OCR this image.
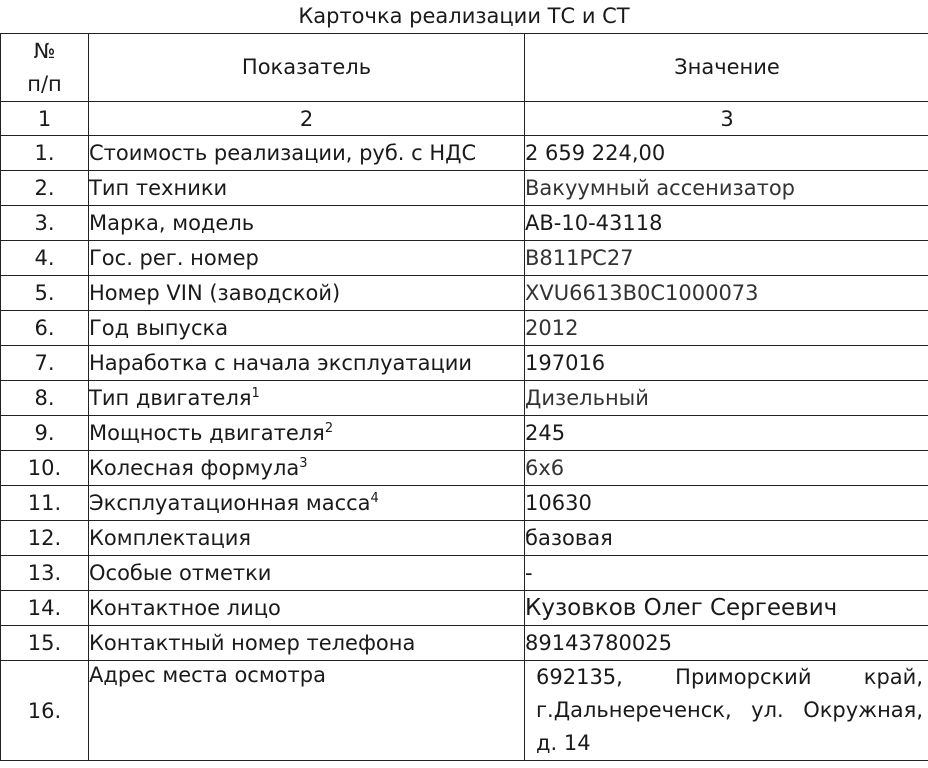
Карточка реализации ТС и СТ
№
п/п	Показатель	Значение
1	2	3
1.	Стоимость реализации, руб. с НДС	2 659 224,00
2.	Тип техники	Вакуумный ассенизатор
3.	Марка, модель	АВ-10-43118
4.	Гос. рег. номер	В811РС27
5.	Номер VIN (заводской)	XVU6613B0C1000073
6.	Год выпуска	2012
7.	Наработка с начала эксплуатации	197016
8.	Тип двигателя$^1$	Дизельный
9.	Мощность двигателя$^2$	245
10.	Колесная формула$^3$	6x6
11.	Эксплуатационная масса$^4$	10630
12.	Комплектация	базовая
13.	Особые отметки	-
14.	Контактное лицо	Кузовков Олег Сергеевич
15.	Контактный номер телефона	89143780025
16.	Адрес места осмотра	692135, Приморский край, г.Дальнереченск, ул. Окружная, д. 14
